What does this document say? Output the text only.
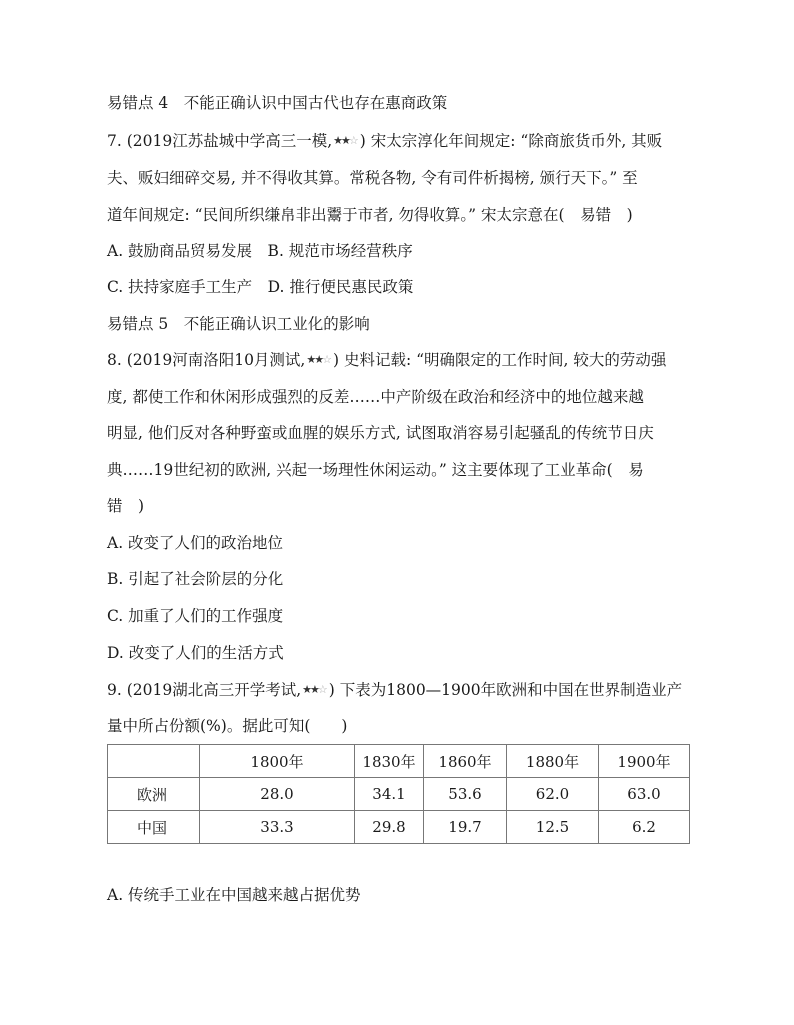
易错点 4　不能正确认识中国古代也存在惠商政策
7. (2019江苏盐城中学高三一模,★★☆ ) 宋太宗淳化年间规定: “除商旅货币外, 其贩
夫、贩妇细碎交易, 并不得收其算。常税各物, 令有司件析揭榜, 颁行天下。” 至
道年间规定: “民间所织缣帛非出鬻于市者, 勿得收算。” 宋太宗意在(　易错　)
A. 鼓励商品贸易发展　B. 规范市场经营秩序
C. 扶持家庭手工生产　D. 推行便民惠民政策
易错点 5　不能正确认识工业化的影响
8. (2019河南洛阳10月测试,★★☆ ) 史料记载: “明确限定的工作时间, 较大的劳动强
度, 都使工作和休闲形成强烈的反差……中产阶级在政治和经济中的地位越来越
明显, 他们反对各种野蛮或血腥的娱乐方式, 试图取消容易引起骚乱的传统节日庆
典……19世纪初的欧洲, 兴起一场理性休闲运动。” 这主要体现了工业革命(　易
错　)
A. 改变了人们的政治地位
B. 引起了社会阶层的分化
C. 加重了人们的工作强度
D. 改变了人们的生活方式
9. (2019湖北高三开学考试,★★☆ ) 下表为1800—1900年欧洲和中国在世界制造业产
量中所占份额(%)。据此可知(　　)
	1800年	1830年	1860年	1880年	1900年
欧洲	28.0	34.1	53.6	62.0	63.0
中国	33.3	29.8	19.7	12.5	6.2
A. 传统手工业在中国越来越占据优势
